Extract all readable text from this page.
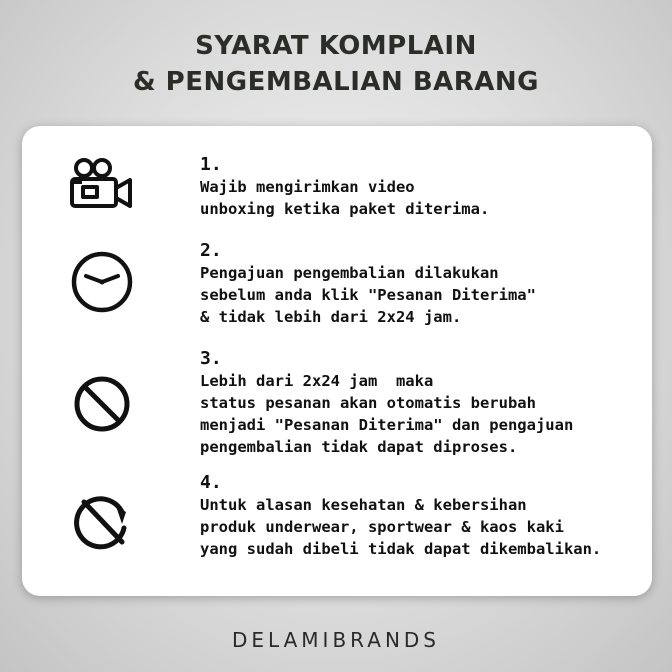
SYARAT KOMPLAIN
& PENGEMBALIAN BARANG
1.
Wajib mengirimkan video
unboxing ketika paket diterima.
2.
Pengajuan pengembalian dilakukan
sebelum anda klik "Pesanan Diterima"
& tidak lebih dari 2x24 jam.
3.
Lebih dari 2x24 jam  maka
status pesanan akan otomatis berubah
menjadi "Pesanan Diterima" dan pengajuan
pengembalian tidak dapat diproses.
4.
Untuk alasan kesehatan & kebersihan
produk underwear, sportwear & kaos kaki
yang sudah dibeli tidak dapat dikembalikan.
DELAMIBRANDS
